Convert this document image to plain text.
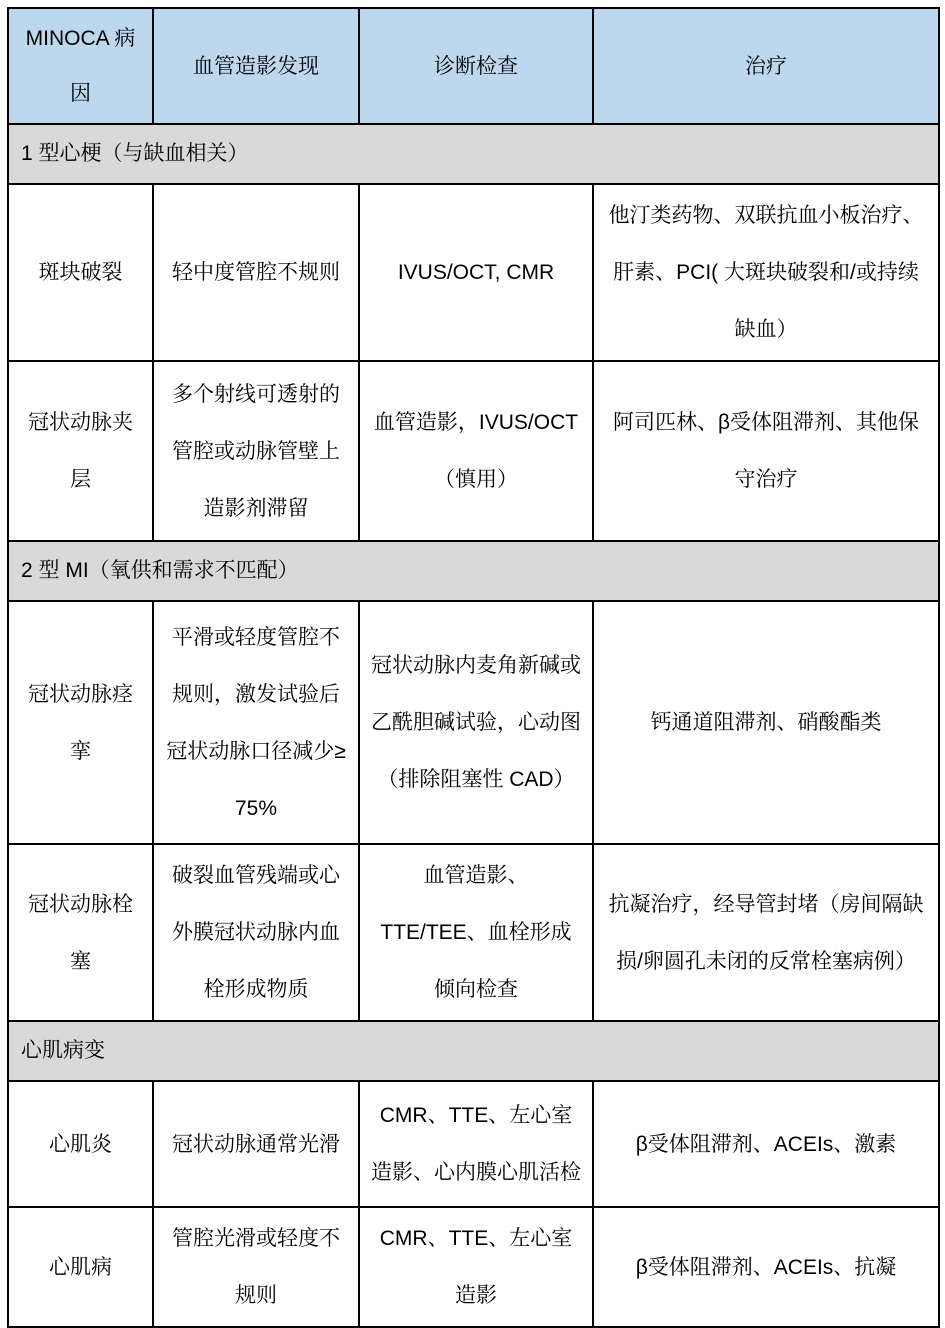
MINOCA 病因	血管造影发现	诊断检查	治疗
1 型心梗（与缺血相关）			
斑块破裂	轻中度管腔不规则	IVUS/OCT, CMR	他汀类药物、双联抗血小板治疗、肝素、PCI( 大斑块破裂和/或持续缺血）
冠状动脉夹层	多个射线可透射的管腔或动脉管壁上造影剂滞留	血管造影，IVUS/OCT（慎用）	阿司匹林、β受体阻滞剂、其他保守治疗
2 型 MI（氧供和需求不匹配）			
冠状动脉痉挛	平滑或轻度管腔不规则，激发试验后冠状动脉口径减少≥ 75%	冠状动脉内麦角新碱或乙酰胆碱试验，心动图（排除阻塞性 CAD）	钙通道阻滞剂、硝酸酯类
冠状动脉栓塞	破裂血管残端或心外膜冠状动脉内血栓形成物质	血管造影、TTE/TEE、血栓形成倾向检查	抗凝治疗，经导管封堵（房间隔缺损/卵圆孔未闭的反常栓塞病例）
心肌病变			
心肌炎	冠状动脉通常光滑	CMR、TTE、左心室造影、心内膜心肌活检	β受体阻滞剂、ACEIs、激素
心肌病	管腔光滑或轻度不规则	CMR、TTE、左心室造影	β受体阻滞剂、ACEIs、抗凝
